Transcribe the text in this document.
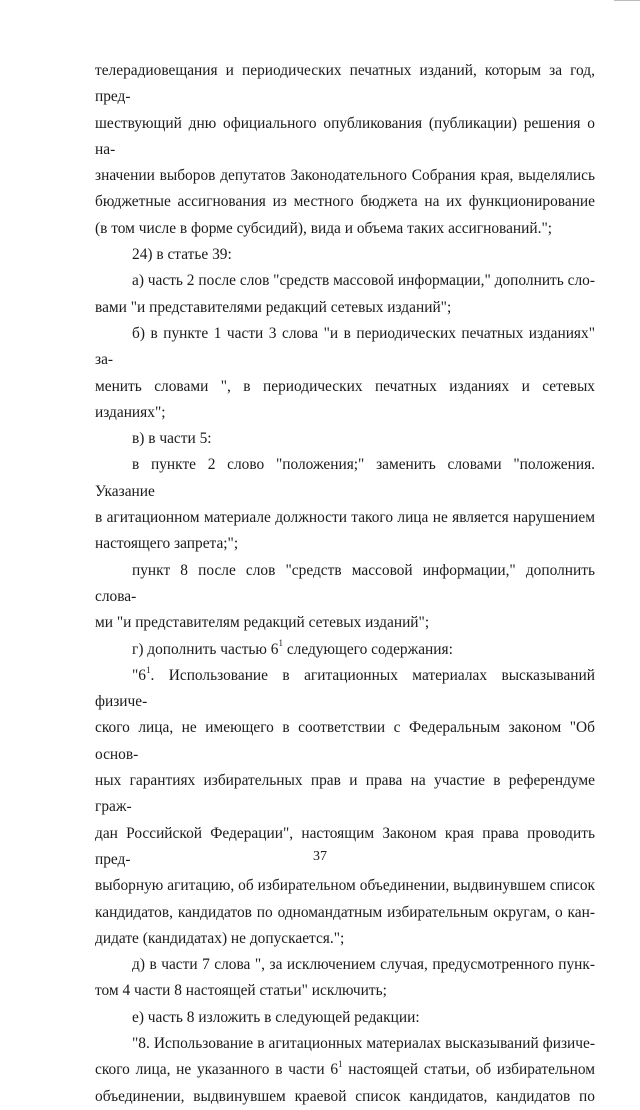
телерадиовещания и периодических печатных изданий, которым за год, пред-

шествующий дню официального опубликования (публикации) решения о на-

значении выборов депутатов Законодательного Собрания края, выделялись

бюджетные ассигнования из местного бюджета на их функционирование

(в том числе в форме субсидий), вида и объема таких ассигнований.";

24) в статье 39:

а) часть 2 после слов "средств массовой информации," дополнить сло-

вами "и представителями редакций сетевых изданий";

б) в пункте 1 части 3 слова "и в периодических печатных изданиях" за-

менить словами ", в периодических печатных изданиях и сетевых изданиях";

в) в части 5:

в пункте 2 слово "положения;" заменить словами "положения. Указание

в агитационном материале должности такого лица не является нарушением

настоящего запрета;";

пункт 8 после слов "средств массовой информации," дополнить слова-

ми "и представителям редакций сетевых изданий";

г) дополнить частью $6^1$ следующего содержания:

"$6^1$. Использование в агитационных материалах высказываний физиче-

ского лица, не имеющего в соответствии с Федеральным законом "Об основ-

ных гарантиях избирательных прав и права на участие в референдуме граж-

дан Российской Федерации", настоящим Законом края права проводить пред-

выборную агитацию, об избирательном объединении, выдвинувшем список

кандидатов, кандидатов по одномандатным избирательным округам, о кан-

дидате (кандидатах) не допускается.";

д) в части 7 слова ", за исключением случая, предусмотренного пунк-

том 4 части 8 настоящей статьи" исключить;

е) часть 8 изложить в следующей редакции:

"8. Использование в агитационных материалах высказываний физиче-

ского лица, не указанного в части $6^1$ настоящей статьи, об избирательном

объединении, выдвинувшем краевой список кандидатов, кандидатов по

37
